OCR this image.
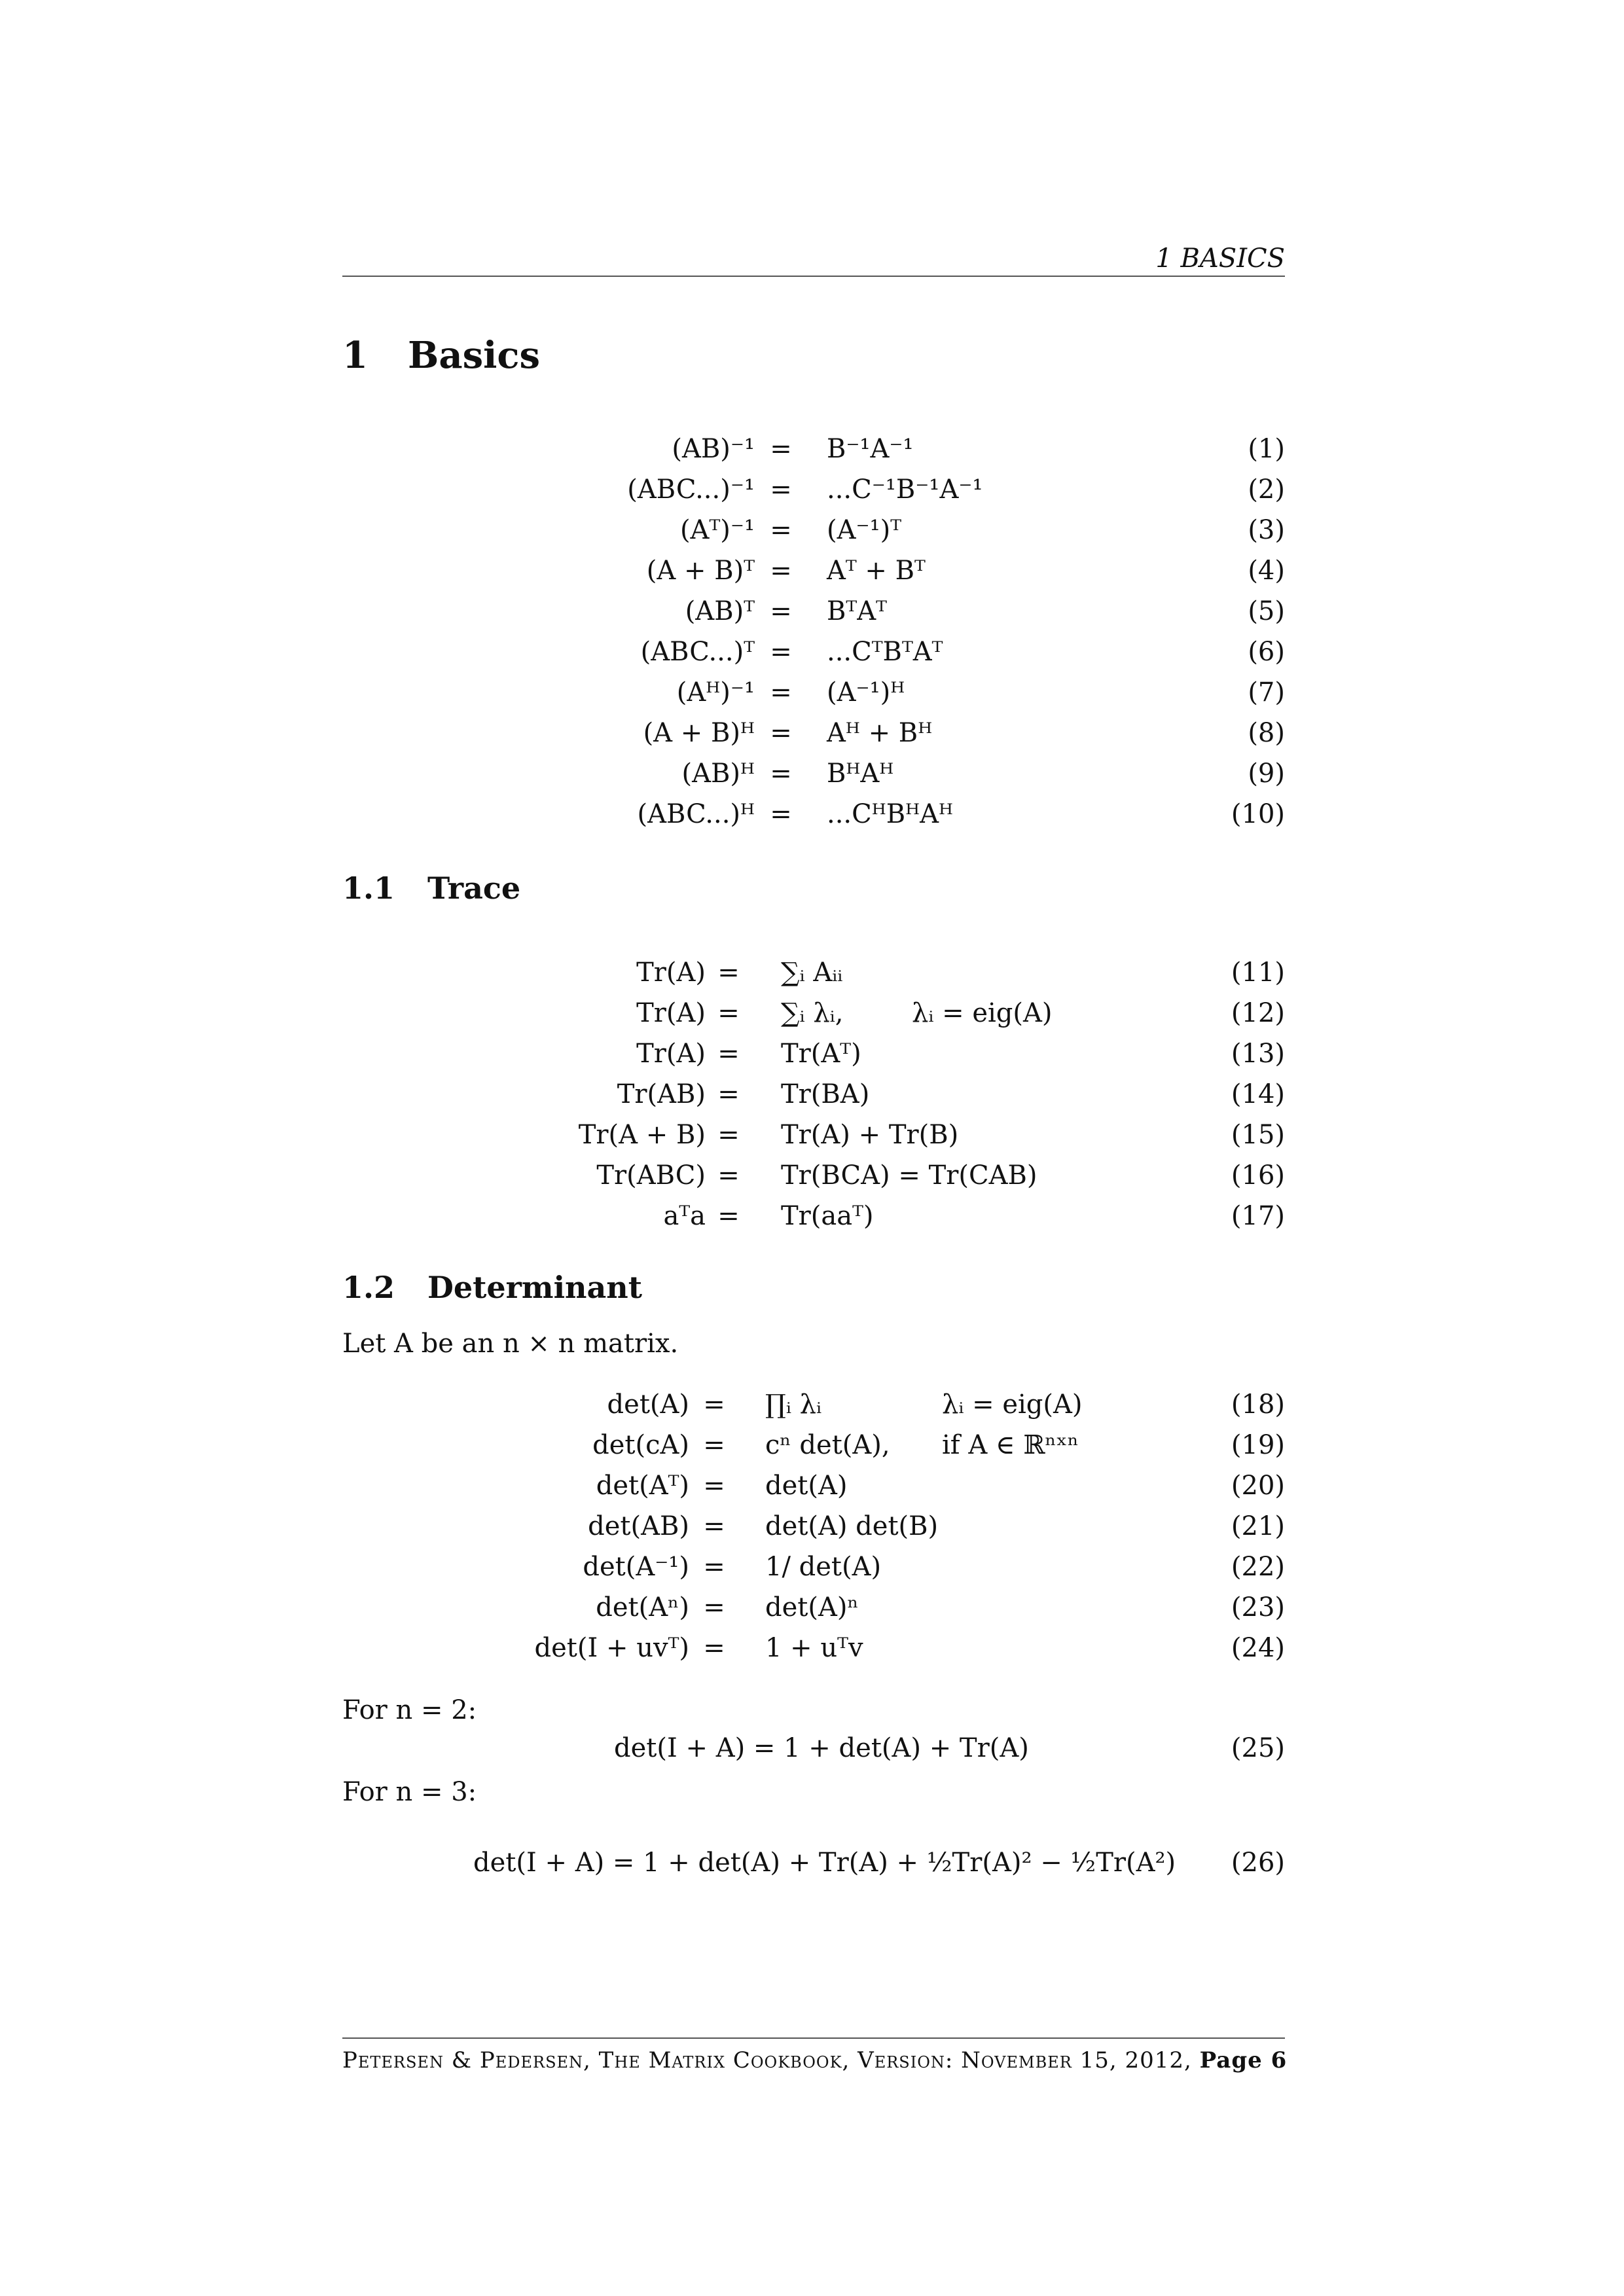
1 BASICS
1 Basics
(AB)⁻¹ =	B⁻¹A⁻¹	(1)
(ABC...)⁻¹ =	...C⁻¹B⁻¹A⁻¹	(2)
(Aᵀ)⁻¹ =	(A⁻¹)ᵀ	(3)
(A + B)ᵀ =	Aᵀ + Bᵀ	(4)
(AB)ᵀ =	BᵀAᵀ	(5)
(ABC...)ᵀ =	...CᵀBᵀAᵀ	(6)
(Aᴴ)⁻¹ =	(A⁻¹)ᴴ	(7)
(A + B)ᴴ =	Aᴴ + Bᴴ	(8)
(AB)ᴴ =	BᴴAᴴ	(9)
(ABC...)ᴴ =	...CᴴBᴴAᴴ	(10)
1.1 Trace
Tr(A) =	∑ᵢ Aᵢᵢ	(11)
Tr(A) =	∑ᵢ λᵢ,	λᵢ = eig(A)	(12)
Tr(A) =	Tr(Aᵀ)	(13)
Tr(AB) =	Tr(BA)	(14)
Tr(A + B) =	Tr(A) + Tr(B)	(15)
Tr(ABC) =	Tr(BCA) = Tr(CAB)	(16)
aᵀa =	Tr(aaᵀ)	(17)
1.2 Determinant
Let A be an n × n matrix.
det(A) =	∏ᵢ λᵢ	λᵢ = eig(A)	(18)
det(cA) =	cⁿ det(A), if A ∈ ℝⁿˣⁿ	(19)
det(Aᵀ) =	det(A)	(20)
det(AB) =	det(A) det(B)	(21)
det(A⁻¹) =	1/ det(A)	(22)
det(Aⁿ) =	det(A)ⁿ	(23)
det(I + uvᵀ) =	1 + uᵀv	(24)
For n = 2:
det(I + A) = 1 + det(A) + Tr(A)	(25)
For n = 3:
det(I + A) = 1 + det(A) + Tr(A) + ½Tr(A)² − ½Tr(A²) (26)
Petersen & Pedersen, The Matrix Cookbook, Version: November 15, 2012, Page 6
